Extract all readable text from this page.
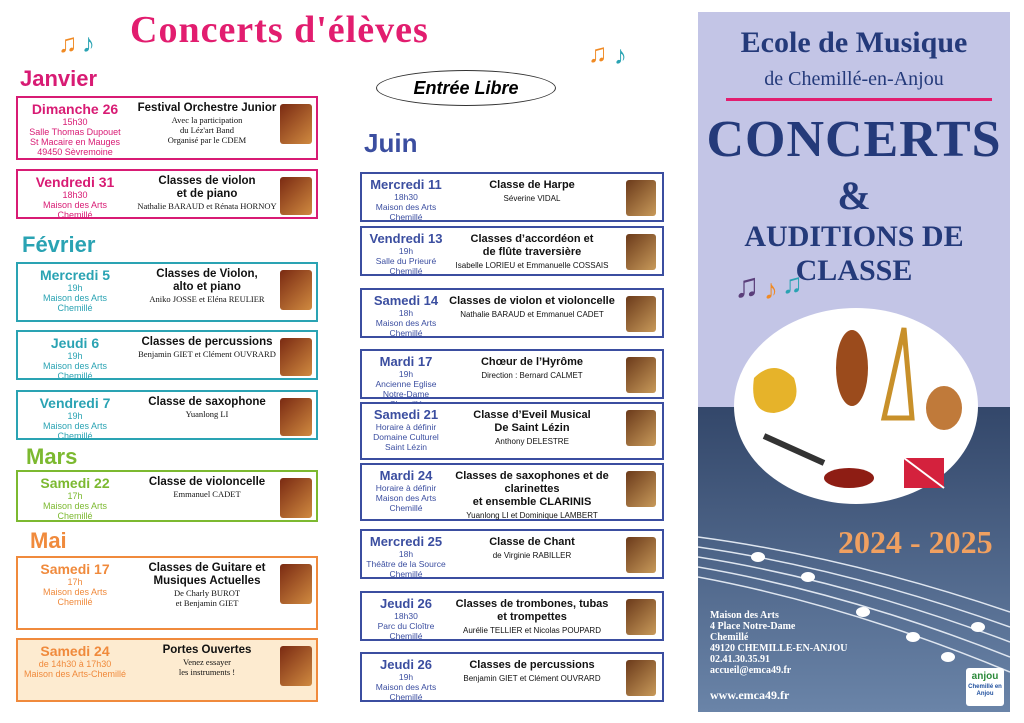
Concerts d'élèves
♫ ♪	♫ ♪
Entrée Libre
Janvier
Février
Mars
Mai
Juin
Dimanche 26
15h30
Salle Thomas Dupouet
St Macaire en Mauges 49450 Sèvremoine
Festival Orchestre Junior
Avec la participation
du Léz'art Band
Organisé par le CDEM
Vendredi 31
18h30
Maison des Arts
Chemillé
Classes de violon
et de piano
Nathalie BARAUD et Rénata HORNOY
Mercredi 5
19h
Maison des Arts
Chemillé
Classes de Violon,
alto et piano
Aniko JOSSE et Eléna REULIER
Jeudi 6
19h
Maison des Arts
Chemillé
Classes de percussions
Benjamin GIET et Clément OUVRARD
Vendredi 7
19h
Maison des Arts
Chemillé
Classe de saxophone
Yuanlong LI
Samedi 22
17h
Maison des Arts
Chemillé
Classe de violoncelle
Emmanuel CADET
Samedi 17
17h
Maison des Arts
Chemillé
Classes de Guitare et Musiques Actuelles
De Charly BUROT
et Benjamin GIET
Samedi 24
de 14h30 à 17h30
Maison des Arts-Chemillé
Portes Ouvertes
Venez essayer
les instruments !
Mercredi 11
18h30
Maison des Arts
Chemillé
Classe de Harpe
Séverine VIDAL
Vendredi 13
19h
Salle du Prieuré
Chemillé
Classes d’accordéon et
de flûte traversière
Isabelle LORIEU et Emmanuelle COSSAIS
Samedi 14
18h
Maison des Arts
Chemillé
Classes de violon et violoncelle
Nathalie BARAUD et Emmanuel CADET
Mardi 17
19h
Ancienne Eglise Notre-Dame
Chœur de l’Hyrôme
Direction : Bernard CALMET
Samedi 21
Horaire à définir
Domaine Culturel
Saint Lézin
Classe d’Eveil Musical
De Saint Lézin
Anthony DELESTRE
Mardi 24
Horaire à définir
Maison des Arts
Chemillé
Classes de saxophones et de clarinettes
et ensemble CLARINIS
Yuanlong LI et Dominique LAMBERT
Mercredi 25
18h
Théâtre de la Source
Chemillé
Classe de Chant
de Virginie RABILLER
Jeudi 26
18h30
Parc du Cloître
Chemillé
Classes de trombones, tubas
et trompettes
Aurélie TELLIER et Nicolas POUPARD
Jeudi 26
19h
Maison des Arts
Chemillé
Classes de percussions
Benjamin GIET et Clément OUVRARD
Ecole de Musique
de Chemillé-en-Anjou
CONCERTS
&
AUDITIONS DE CLASSE
♫ ♪ ♫
2024 - 2025
Maison des Arts
4 Place Notre-Dame
Chemillé
49120 CHEMILLE-EN-ANJOU
02.41.30.35.91
accueil@emca49.fr
www.emca49.fr
anjou
Chemillé en Anjou
